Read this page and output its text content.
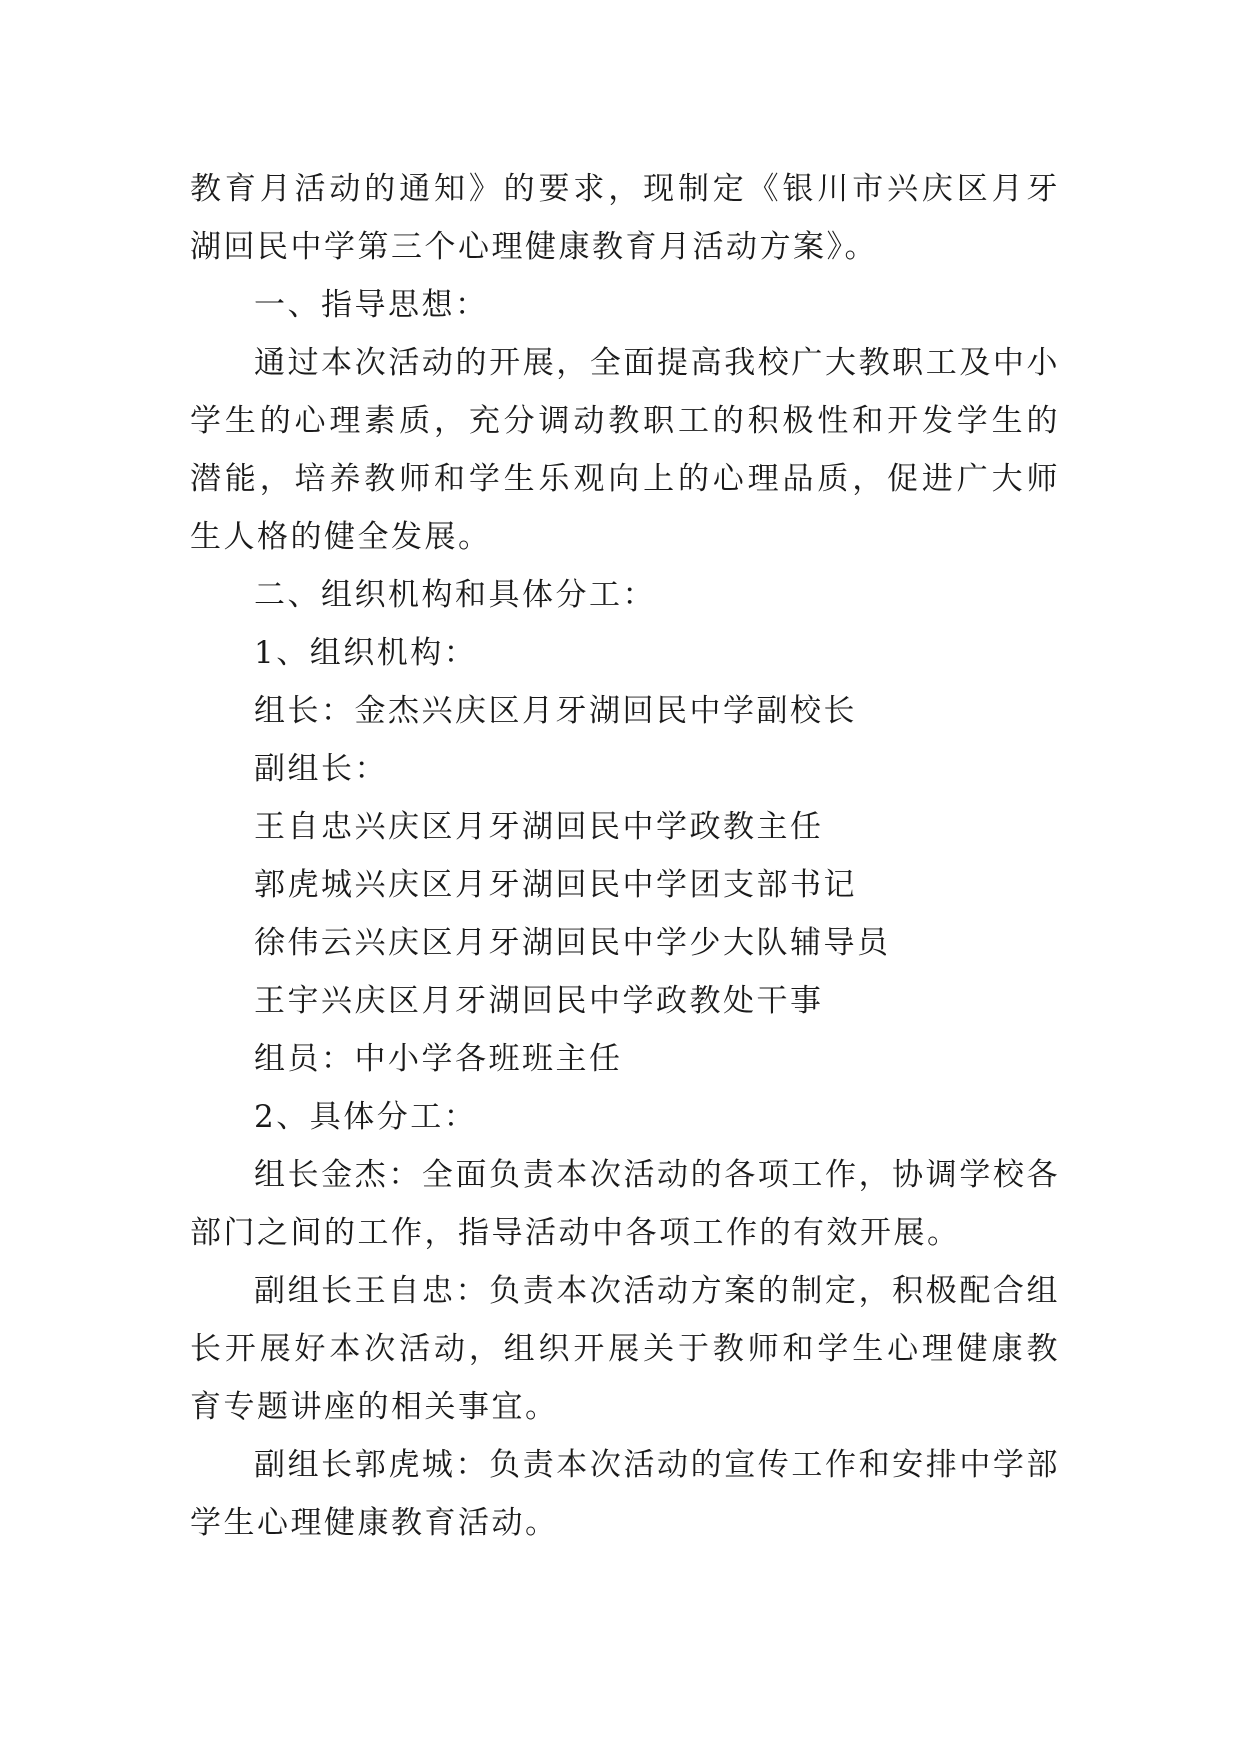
教育月活动的通知》的要求，现制定《银川市兴庆区月牙湖回民中学第三个心理健康教育月活动方案》。

一、指导思想：

通过本次活动的开展，全面提高我校广大教职工及中小学生的心理素质，充分调动教职工的积极性和开发学生的潜能，培养教师和学生乐观向上的心理品质，促进广大师生人格的健全发展。

二、组织机构和具体分工：

1、组织机构：

组长：金杰兴庆区月牙湖回民中学副校长

副组长：

王自忠兴庆区月牙湖回民中学政教主任

郭虎城兴庆区月牙湖回民中学团支部书记

徐伟云兴庆区月牙湖回民中学少大队辅导员

王宇兴庆区月牙湖回民中学政教处干事

组员：中小学各班班主任

2、具体分工：

组长金杰：全面负责本次活动的各项工作，协调学校各部门之间的工作，指导活动中各项工作的有效开展。

副组长王自忠：负责本次活动方案的制定，积极配合组长开展好本次活动，组织开展关于教师和学生心理健康教育专题讲座的相关事宜。

副组长郭虎城：负责本次活动的宣传工作和安排中学部学生心理健康教育活动。
